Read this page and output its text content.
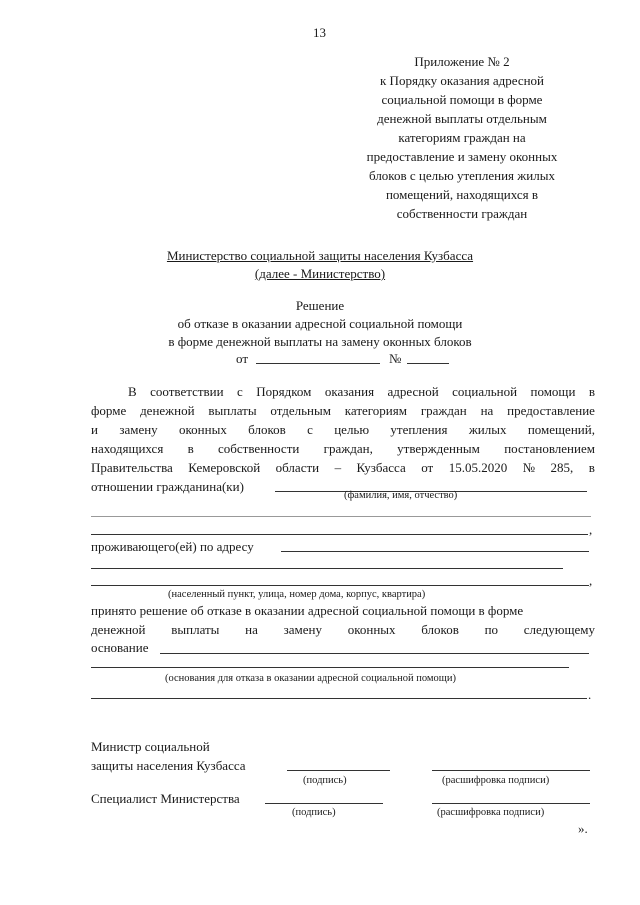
13
Приложение № 2
к Порядку оказания адресной
социальной помощи в форме
денежной выплаты отдельным
категориям граждан на
предоставление и замену оконных
блоков с целью утепления жилых
помещений, находящихся в
собственности граждан
Министерство социальной защиты населения Кузбасса
(далее - Министерство)
Решение
об отказе в оказании адресной социальной помощи
в форме денежной выплаты на замену оконных блоков
от	№
В соответствии с Порядком оказания адресной социальной помощи в
форме денежной выплаты отдельным категориям граждан на предоставление
и замену оконных блоков с целью утепления жилых помещений,
находящихся в собственности граждан, утвержденным постановлением
Правительства Кемеровской области – Кузбасса от 15.05.2020 № 285, в
отношении гражданина(ки)
(фамилия, имя, отчество)
,
проживающего(ей) по адресу
,
(населенный пункт, улица, номер дома, корпус, квартира)
принято решение об отказе в оказании адресной социальной помощи в форме
денежной выплаты на замену оконных блоков по следующему
основание
(основания для отказа в оказании адресной социальной помощи)
.
Министр социальной
защиты населения Кузбасса
(подпись)	(расшифровка подписи)
Специалист Министерства
(подпись)	(расшифровка подписи)
».
